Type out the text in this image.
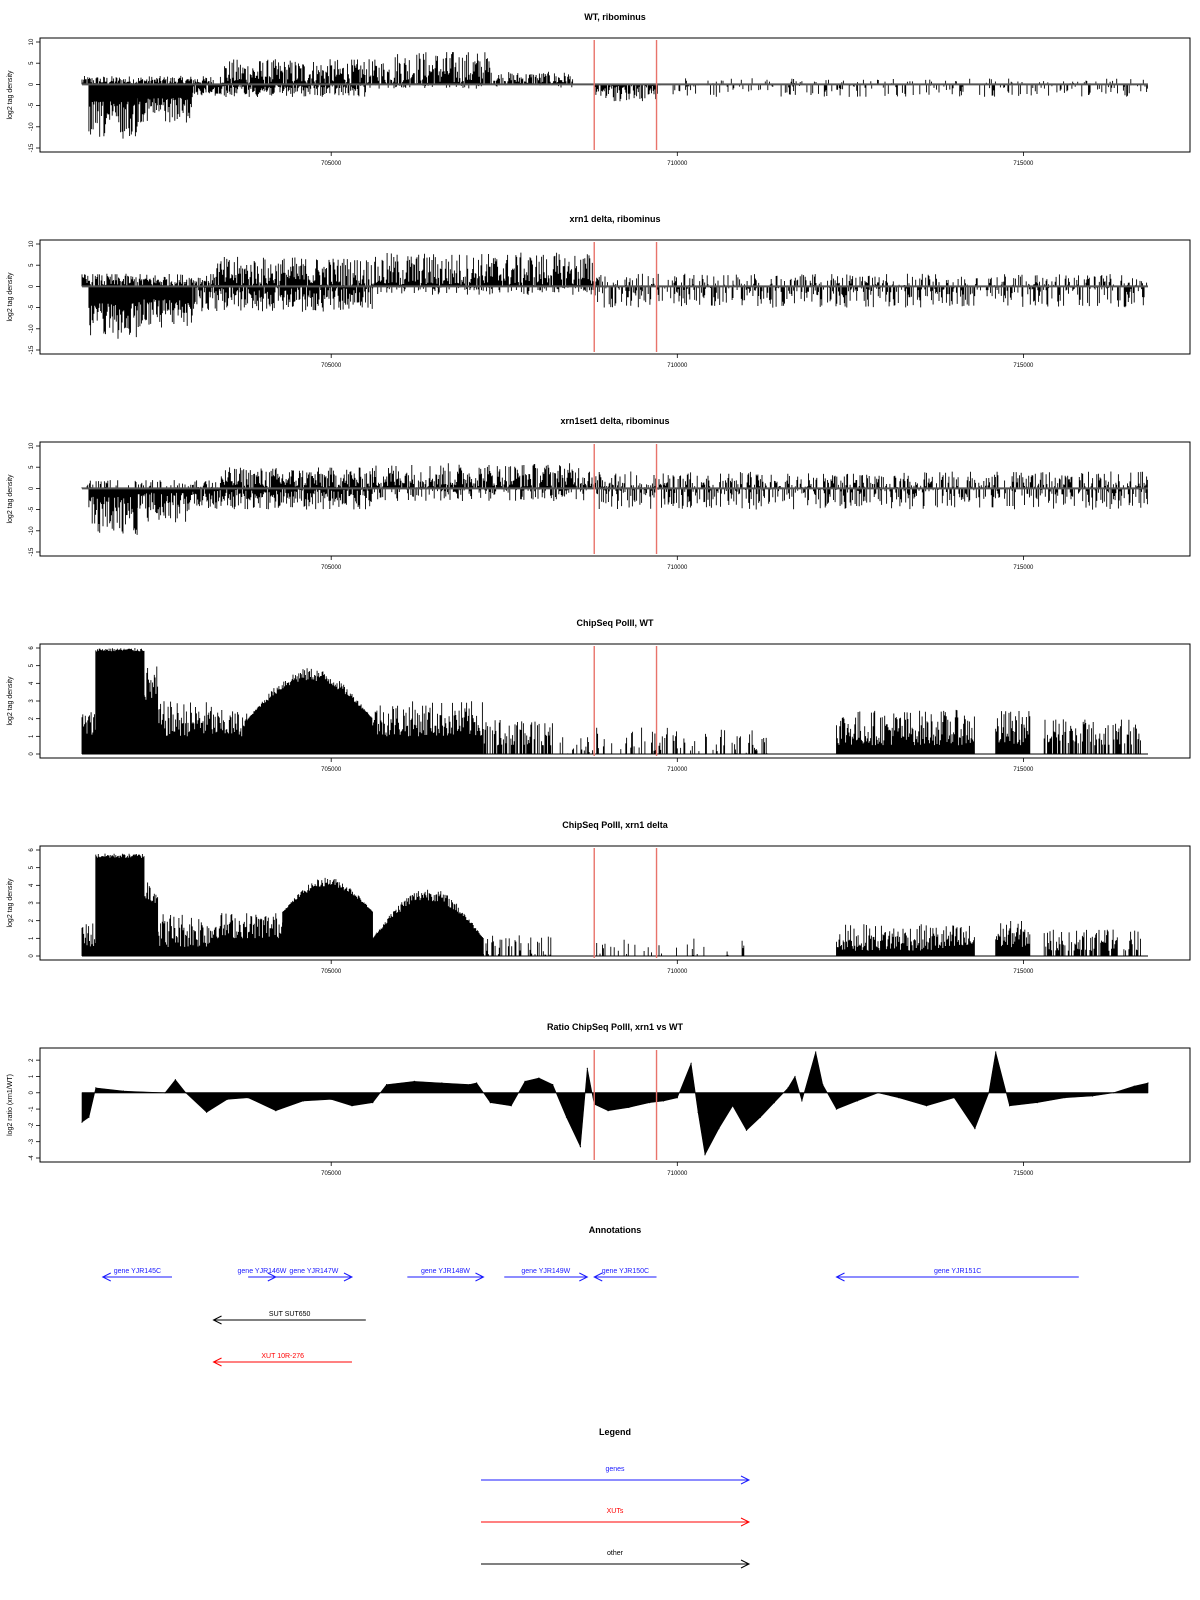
WT, ribominus
-15
-10
-5
0
5
10
log2 tag density
705000	710000	715000
xrn1 delta, ribominus
-15
-10
-5
0
5
10
log2 tag density
705000	710000	715000
xrn1set1 delta, ribominus
-15
-10
-5
0
5
10
log2 tag density
705000	710000	715000
ChipSeq PolII, WT
0
1
2
3
4
5
6
log2 tag density
705000	710000	715000
ChipSeq PolII, xrn1 delta
0
1
2
3
4
5
6
log2 tag density
705000	710000	715000
Ratio ChipSeq PolII, xrn1 vs WT
-4
-3
-2
-1
0
1
2
log2 ratio (xrn1/WT)
705000	710000	715000
Annotations
gene YJR145C	gene YJR146W gene YJR147W	gene YJR148W	gene YJR149W	gene YJR150C	gene YJR151C
SUT SUT650
XUT 10R-276
Legend
genes
XUTs
other
